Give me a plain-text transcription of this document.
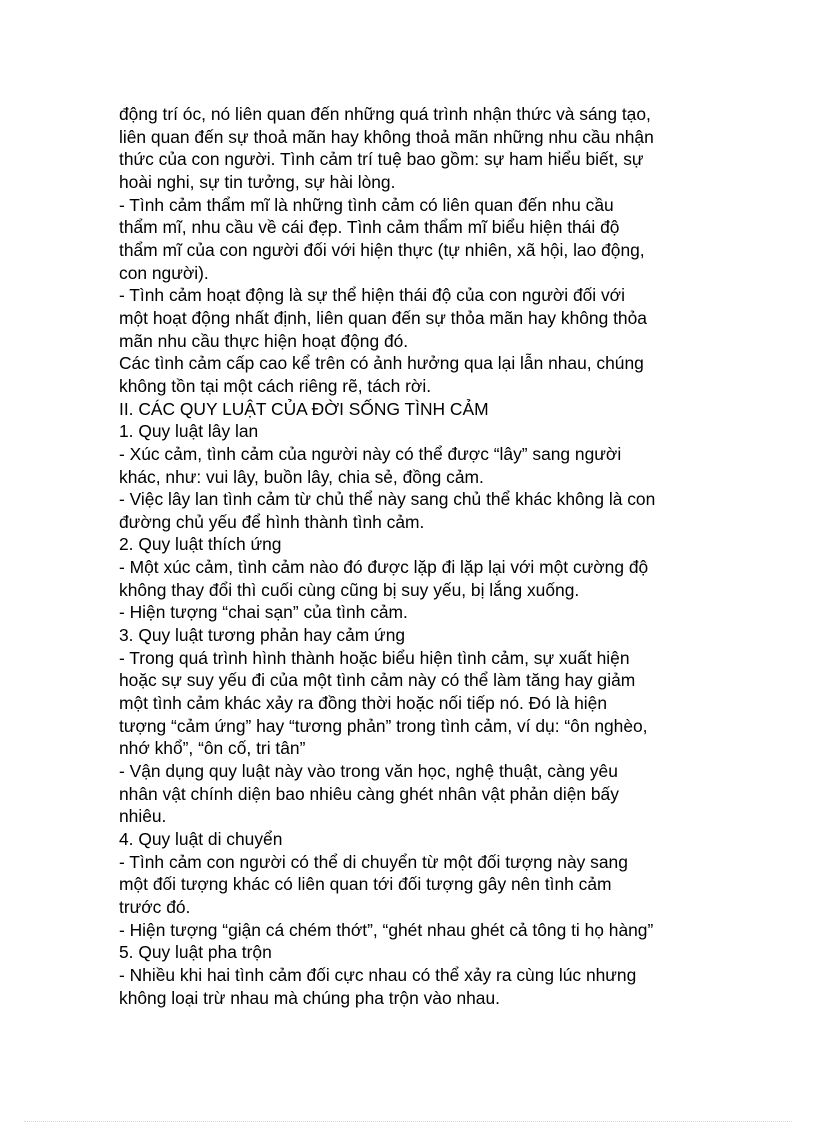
động trí óc, nó liên quan đến những quá trình nhận thức và sáng tạo,
liên quan đến sự thoả mãn hay không thoả mãn những nhu cầu nhận
thức của con người. Tình cảm trí tuệ bao gồm: sự ham hiểu biết, sự
hoài nghi, sự tin tưởng, sự hài lòng.
- Tình cảm thẩm mĩ là những tình cảm có liên quan đến nhu cầu
thẩm mĩ, nhu cầu về cái đẹp. Tình cảm thẩm mĩ biểu hiện thái độ
thẩm mĩ của con người đối với hiện thực (tự nhiên, xã hội, lao động,
con người).
- Tình cảm hoạt động là sự thể hiện thái độ của con người đối với
một hoạt động nhất định, liên quan đến sự thỏa mãn hay không thỏa
mãn nhu cầu thực hiện hoạt động đó.
Các tình cảm cấp cao kể trên có ảnh hưởng qua lại lẫn nhau, chúng
không tồn tại một cách riêng rẽ, tách rời.
II. CÁC QUY LUẬT CỦA ĐỜI SỐNG TÌNH CẢM
1. Quy luật lây lan
- Xúc cảm, tình cảm của người này có thể được “lây” sang người
khác, như: vui lây, buồn lây, chia sẻ, đồng cảm.
- Việc lây lan tình cảm từ chủ thể này sang chủ thể khác không là con
đường chủ yếu để hình thành tình cảm.
2. Quy luật thích ứng
- Một xúc cảm, tình cảm nào đó được lặp đi lặp lại với một cường độ
không thay đổi thì cuối cùng cũng bị suy yếu, bị lắng xuống.
- Hiện tượng “chai sạn” của tình cảm.
3. Quy luật tương phản hay cảm ứng
- Trong quá trình hình thành hoặc biểu hiện tình cảm, sự xuất hiện
hoặc sự suy yếu đi của một tình cảm này có thể làm tăng hay giảm
một tình cảm khác xảy ra đồng thời hoặc nối tiếp nó. Đó là hiện
tượng “cảm ứng” hay “tương phản” trong tình cảm, ví dụ: “ôn nghèo,
nhớ khổ”, “ôn cố, tri tân”
- Vận dụng quy luật này vào trong văn học, nghệ thuật, càng yêu
nhân vật chính diện bao nhiêu càng ghét nhân vật phản diện bấy
nhiêu.
4. Quy luật di chuyển
- Tình cảm con người có thể di chuyển từ một đối tượng này sang
một đối tượng khác có liên quan tới đối tượng gây nên tình cảm
trước đó.
- Hiện tượng “giận cá chém thớt”, “ghét nhau ghét cả tông ti họ hàng”
5. Quy luật pha trộn
- Nhiều khi hai tình cảm đối cực nhau có thể xảy ra cùng lúc nhưng
không loại trừ nhau mà chúng pha trộn vào nhau.
